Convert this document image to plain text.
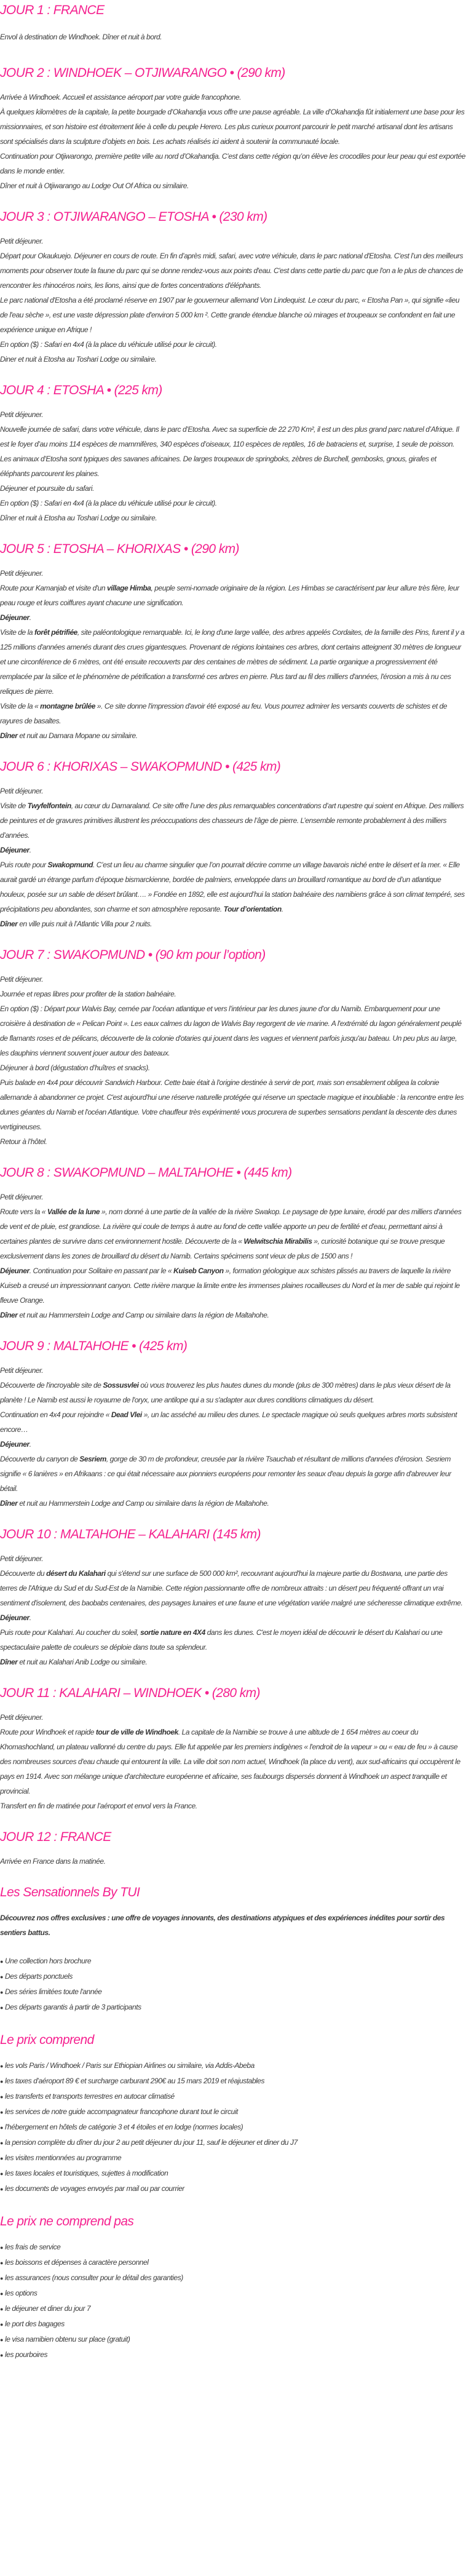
JOUR 1 : FRANCE

Envol à destination de Windhoek. Dîner et nuit à bord.

JOUR 2 : WINDHOEK – OTJIWARANGO • (290 km)

Arrivée à Windhoek. Accueil et assistance aéroport par votre guide francophone.

À quelques kilomètres de la capitale, la petite bourgade d’Okahandja vous offre une pause agréable. La ville d’Okahandja fût initialement une base pour les missionnaires, et son histoire est étroitement liée à celle du peuple Herero. Les plus curieux pourront parcourir le petit marché artisanal dont les artisans sont spécialisés dans la sculpture d’objets en bois. Les achats réalisés ici aident à soutenir la communauté locale.

Continuation pour Otjiwarongo, première petite ville au nord d’Okahandja. C’est dans cette région qu’on élève les crocodiles pour leur peau qui est exportée dans le monde entier.

Dîner et nuit à Otjiwarango au Lodge Out Of Africa ou similaire.

JOUR 3 : OTJIWARANGO – ETOSHA • (230 km)

Petit déjeuner.

Départ pour Okaukuejo. Déjeuner en cours de route. En fin d’après midi, safari, avec votre véhicule, dans le parc national d'Etosha. C'est l’un des meilleurs moments pour observer toute la faune du parc qui se donne rendez-vous aux points d'eau. C'est dans cette partie du parc que l'on a le plus de chances de rencontrer les rhinocéros noirs, les lions, ainsi que de fortes concentrations d'éléphants.

Le parc national d'Etosha a été proclamé réserve en 1907 par le gouverneur allemand Von Lindequist. Le cœur du parc, « Etosha Pan », qui signifie «lieu de l'eau sèche », est une vaste dépression plate d'environ 5 000 km ². Cette grande étendue blanche où mirages et troupeaux se confondent en fait une expérience unique en Afrique !

En option ($) : Safari en 4x4 (à la place du véhicule utilisé pour le circuit).

Diner et nuit à Etosha au Toshari Lodge ou similaire.

JOUR 4 : ETOSHA • (225 km)

Petit déjeuner.

Nouvelle journée de safari, dans votre véhicule, dans le parc d’Etosha. Avec sa superficie de 22 270 Km², il est un des plus grand parc naturel d’Afrique. Il est le foyer d’au moins 114 espèces de mammifères, 340 espèces d’oiseaux, 110 espèces de reptiles, 16 de batraciens et, surprise, 1 seule de poisson. Les animaux d’Etosha sont typiques des savanes africaines. De larges troupeaux de springboks, zèbres de Burchell, gembosks, gnous, girafes et éléphants parcourent les plaines.

Déjeuner et poursuite du safari.

En option ($) : Safari en 4x4 (à la place du véhicule utilisé pour le circuit).

Dîner et nuit à Etosha au Toshari Lodge ou similaire.

JOUR 5 : ETOSHA – KHORIXAS • (290 km)

Petit déjeuner.

Route pour Kamanjab et visite d'un village Himba, peuple semi-nomade originaire de la région. Les Himbas se caractérisent par leur allure très fière, leur peau rouge et leurs coiffures ayant chacune une signification.

Déjeuner.

Visite de la forêt pétrifiée, site paléontologique remarquable. Ici, le long d'une large vallée, des arbres appelés Cordaites, de la famille des Pins, furent il y a 125 millions d'années amenés durant des crues gigantesques. Provenant de régions lointaines ces arbres, dont certains atteignent 30 mètres de longueur et une circonférence de 6 mètres, ont été ensuite recouverts par des centaines de mètres de sédiment. La partie organique a progressivement été remplacée par la silice et le phénomène de pétrification a transformé ces arbres en pierre. Plus tard au fil des milliers d'années, l'érosion a mis à nu ces reliques de pierre.

Visite de la « montagne brûlée ». Ce site donne l'impression d'avoir été exposé au feu. Vous pourrez admirer les versants couverts de schistes et de rayures de basaltes.

Dîner et nuit au Damara Mopane ou similaire.

JOUR 6 : KHORIXAS – SWAKOPMUND • (425 km)

Petit déjeuner.

Visite de Twyfelfontein, au cœur du Damaraland. Ce site offre l’une des plus remarquables concentrations d’art rupestre qui soient en Afrique. Des milliers de peintures et de gravures primitives illustrent les préoccupations des chasseurs de l’âge de pierre. L’ensemble remonte probablement à des milliers d’années.

Déjeuner.

Puis route pour Swakopmund. C’est un lieu au charme singulier que l’on pourrait décrire comme un village bavarois niché entre le désert et la mer. « Elle aurait gardé un étrange parfum d’époque bismarckienne, bordée de palmiers, enveloppée dans un brouillard romantique au bord de d’un atlantique houleux, posée sur un sable de désert brûlant…. » Fondée en 1892, elle est aujourd’hui la station balnéaire des namibiens grâce à son climat tempéré, ses précipitations peu abondantes, son charme et son atmosphère reposante. Tour d’orientation.

Dîner en ville puis nuit à l’Atlantic Villa pour 2 nuits.

JOUR 7 : SWAKOPMUND • (90 km pour l’option)

Petit déjeuner.

Journée et repas libres pour profiter de la station balnéaire.

En option ($) : Départ pour Walvis Bay, cernée par l’océan atlantique et vers l’intérieur par les dunes jaune d’or du Namib. Embarquement pour une croisière à destination de « Pelican Point ». Les eaux calmes du lagon de Walvis Bay regorgent de vie marine. A l'extrémité du lagon généralement peuplé de flamants roses et de pélicans, découverte de la colonie d'otaries qui jouent dans les vagues et viennent parfois jusqu'au bateau. Un peu plus au large, les dauphins viennent souvent jouer autour des bateaux.

Déjeuner à bord (dégustation d’huîtres et snacks).

Puis balade en 4x4 pour découvrir Sandwich Harbour. Cette baie était à l'origine destinée à servir de port, mais son ensablement obligea la colonie allemande à abandonner ce projet. C'est aujourd'hui une réserve naturelle protégée qui réserve un spectacle magique et inoubliable : la rencontre entre les dunes géantes du Namib et l'océan Atlantique. Votre chauffeur très expérimenté vous procurera de superbes sensations pendant la descente des dunes vertigineuses.

Retour à l’hôtel.

JOUR 8 : SWAKOPMUND – MALTAHOHE • (445 km)

Petit déjeuner.

Route vers la « Vallée de la lune », nom donné à une partie de la vallée de la rivière Swakop. Le paysage de type lunaire, érodé par des milliers d'années de vent et de pluie, est grandiose. La rivière qui coule de temps à autre au fond de cette vallée apporte un peu de fertilité et d'eau, permettant ainsi à certaines plantes de survivre dans cet environnement hostile. Découverte de la « Welwitschia Mirabilis », curiosité botanique qui se trouve presque exclusivement dans les zones de brouillard du désert du Namib. Certains spécimens sont vieux de plus de 1500 ans !

Déjeuner. Continuation pour Solitaire en passant par le « Kuiseb Canyon », formation géologique aux schistes plissés au travers de laquelle la rivière Kuiseb a creusé un impressionnant canyon. Cette rivière marque la limite entre les immenses plaines rocailleuses du Nord et la mer de sable qui rejoint le fleuve Orange.

Dîner et nuit au Hammerstein Lodge and Camp ou similaire dans la région de Maltahohe.

JOUR 9 : MALTAHOHE • (425 km)

Petit déjeuner.

Découverte de l'incroyable site de Sossusvlei où vous trouverez les plus hautes dunes du monde (plus de 300 mètres) dans le plus vieux désert de la planète ! Le Namib est aussi le royaume de l'oryx, une antilope qui a su s'adapter aux dures conditions climatiques du désert.

Continuation en 4x4 pour rejoindre « Dead Vlei », un lac asséché au milieu des dunes. Le spectacle magique où seuls quelques arbres morts subsistent encore…

Déjeuner.

Découverte du canyon de Sesriem, gorge de 30 m de profondeur, creusée par la rivière Tsauchab et résultant de millions d'années d'érosion. Sesriem signifie « 6 lanières » en Afrikaans : ce qui était nécessaire aux pionniers européens pour remonter les seaux d'eau depuis la gorge afin d'abreuver leur bétail.

Dîner et nuit au Hammerstein Lodge and Camp ou similaire dans la région de Maltahohe.

JOUR 10 : MALTAHOHE – KALAHARI (145 km)

Petit déjeuner.

Découverte du désert du Kalahari qui s'étend sur une surface de 500 000 km², recouvrant aujourd'hui la majeure partie du Bostwana, une partie des terres de l'Afrique du Sud et du Sud-Est de la Namibie. Cette région passionnante offre de nombreux attraits : un désert peu fréquenté offrant un vrai sentiment d'isolement, des baobabs centenaires, des paysages lunaires et une faune et une végétation variée malgré une sécheresse climatique extrême.

Déjeuner.

Puis route pour Kalahari. Au coucher du soleil, sortie nature en 4X4 dans les dunes. C'est le moyen idéal de découvrir le désert du Kalahari ou une spectaculaire palette de couleurs se déploie dans toute sa splendeur.

Dîner et nuit au Kalahari Anib Lodge ou similaire.

JOUR 11 : KALAHARI – WINDHOEK • (280 km)

Petit déjeuner.

Route pour Windhoek et rapide tour de ville de Windhoek. La capitale de la Namibie se trouve à une altitude de 1 654 mètres au coeur du Khomashochland, un plateau vallonné du centre du pays. Elle fut appelée par les premiers indigènes « l'endroit de la vapeur » ou « eau de feu » à cause des nombreuses sources d'eau chaude qui entourent la ville. La ville doit son nom actuel, Windhoek (la place du vent), aux sud-africains qui occupèrent le pays en 1914. Avec son mélange unique d'architecture européenne et africaine, ses faubourgs dispersés donnent à Windhoek un aspect tranquille et provincial.

Transfert en fin de matinée pour l’aéroport et envol vers la France.

JOUR 12 : FRANCE

Arrivée en France dans la matinée.

Les Sensationnels By TUI

Découvrez nos offres exclusives : une offre de voyages innovants, des destinations atypiques et des expériences inédites pour sortir des sentiers battus.

● Une collection hors brochure
● Des départs ponctuels
● Des séries limitées toute l'année
● Des départs garantis à partir de 3 participants
Le prix comprend
● les vols Paris / Windhoek / Paris sur Ethiopian Airlines ou similaire, via Addis-Abeba
● les taxes d’aéroport 89 € et surcharge carburant 290€ au 15 mars 2019 et réajustables
● les transferts et transports terrestres en autocar climatisé
● les services de notre guide accompagnateur francophone durant tout le circuit
● l'hébergement en hôtels de catégorie 3 et 4 étoiles et en lodge (normes locales)
● la pension complète du dîner du jour 2 au petit déjeuner du jour 11, sauf le déjeuner et diner du J7
● les visites mentionnées au programme
● les taxes locales et touristiques, sujettes à modification
● les documents de voyages envoyés par mail ou par courrier
Le prix ne comprend pas
● les frais de service
● les boissons et dépenses à caractère personnel
● les assurances (nous consulter pour le détail des garanties)
● les options
● le déjeuner et diner du jour 7
● le port des bagages
● le visa namibien obtenu sur place (gratuit)
● les pourboires
